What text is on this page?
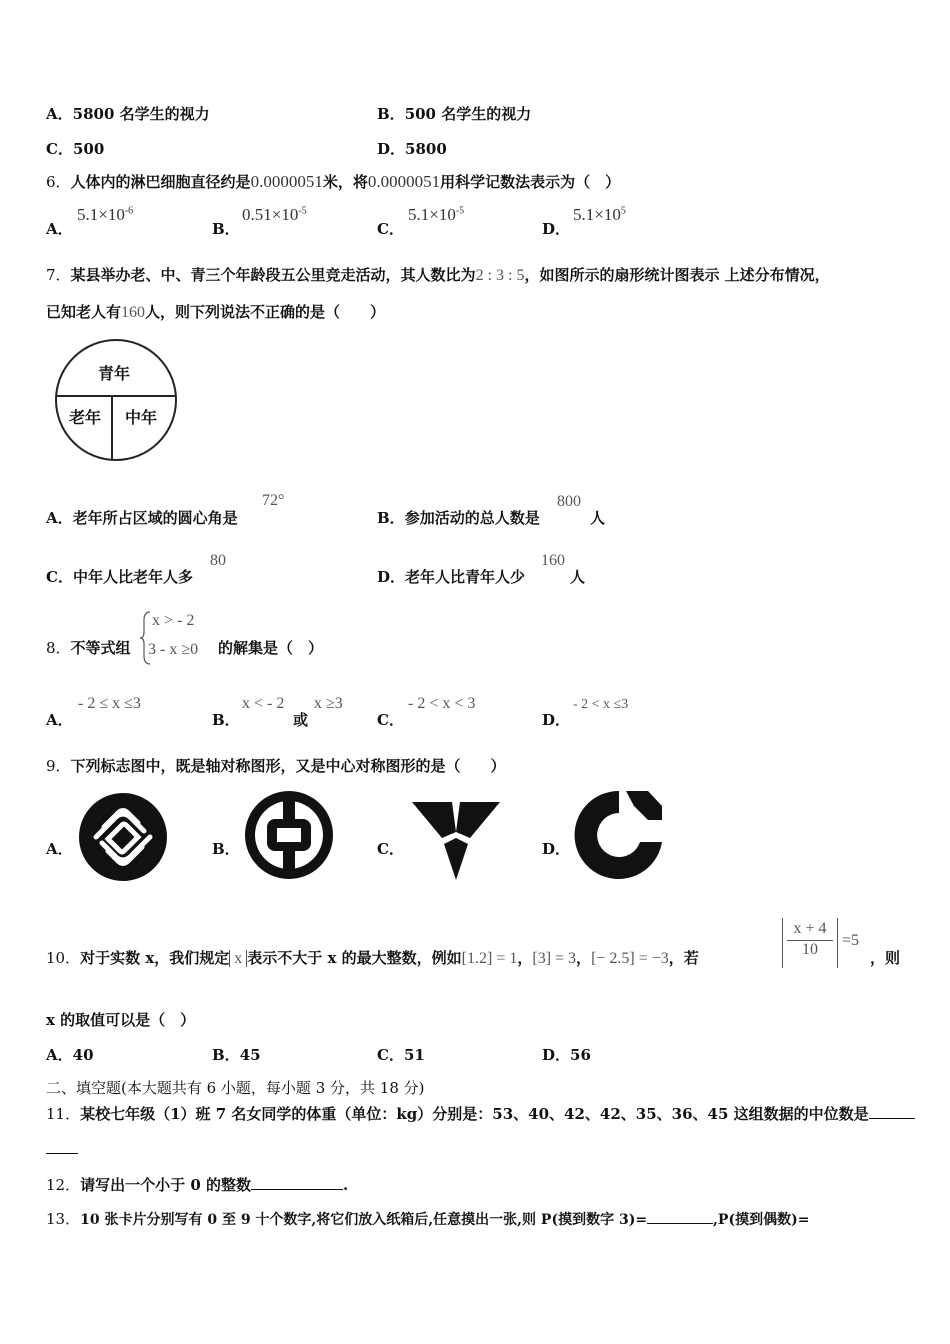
A．5800 名学生的视力	B．500 名学生的视力
C．500	D．5800
6．人体内的淋巴细胞直径约是0.0000051米，将0.0000051用科学记数法表示为（　）
A．
$5.1\times 10^{-6}$
B．
$0.51\times 10^{-5}$
C．
$5.1\times 10^{-5}$
D．
$5.1\times 10^5$
7．某县举办老、中、青三个年龄段五公里竞走活动，其人数比为2 : 3 : 5，如图所示的扇形统计图表示 上述分布情况，
已知老人有160人，则下列说法不正确的是（　　）
青年
老年 中年
A．老年所占区域的圆心角是
72°
B．参加活动的总人数是
800
人
C．中年人比老年人多
80
D．老年人比青年人少
160
人
8．不等式组
x > - 2
3 - x ≥0 的解集是（　）
A．
- 2 ≤ x ≤3
B．
x < - 2
或
x ≥3
C．
- 2 < x < 3
D．
- 2 < x ≤3
9．下列标志图中，既是轴对称图形，又是中心对称图形的是（　　）
A．	B．	C．	D．
10．对于实数 x，我们规定 x 表示不大于 x 的最大整数，例如[1.2] = 1，[3] = 3，[− 2.5] = −3，若
x + 4
10
=5
，则
x 的取值可以是（　）
A．40	B．45	C．51	D．56
二、填空题(本大题共有 6 小题，每小题 3 分，共 18 分)
11．某校七年级（1）班 7 名女同学的体重（单位：kg）分别是：53、40、42、42、35、36、45 这组数据的中位数是
12．请写出一个小于 0 的整数	.
13．10 张卡片分别写有 0 至 9 十个数字,将它们放入纸箱后,任意摸出一张,则 P(摸到数字 3)=	,P(摸到偶数)=
